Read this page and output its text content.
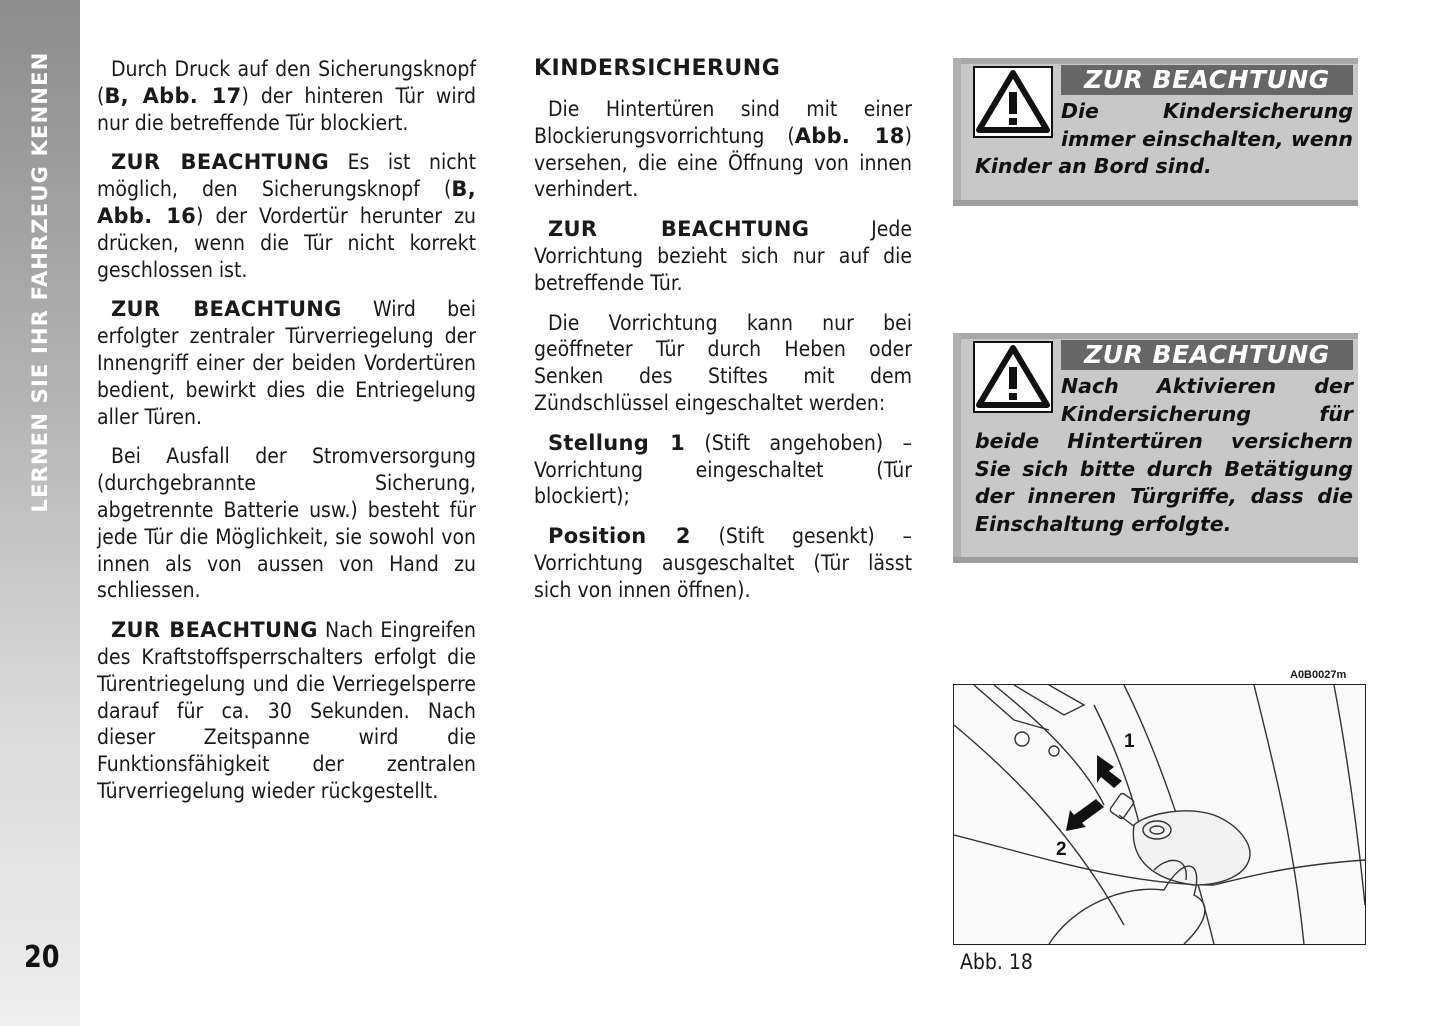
LERNEN SIE IHR FAHRZEUG KENNEN
20

Durch Druck auf den Sicherungsknopf (B, Abb. 17) der hinteren Tür wird nur die betreffende Tür blockiert.

ZUR BEACHTUNG Es ist nicht möglich, den Sicherungsknopf (B, Abb. 16) der Vordertür herunter zu drücken, wenn die Tür nicht korrekt geschlossen ist.

ZUR BEACHTUNG Wird bei erfolgter zentraler Türverriegelung der Innengriff einer der beiden Vordertüren bedient, bewirkt dies die Entriegelung aller Türen.

Bei Ausfall der Stromversorgung (durchgebrannte Sicherung, abgetrennte Batterie usw.) besteht für jede Tür die Möglichkeit, sie sowohl von innen als von aussen von Hand zu schliessen.

ZUR BEACHTUNG Nach Eingreifen des Kraftstoffsperrschalters erfolgt die Türentriegelung und die Verriegelsperre darauf für ca. 30 Sekunden. Nach dieser Zeitspanne wird die Funktionsfähigkeit der zentralen Türverriegelung wieder rückgestellt.

KINDERSICHERUNG

Die Hintertüren sind mit einer Blockierungsvorrichtung (Abb. 18) versehen, die eine Öffnung von innen verhindert.

ZUR BEACHTUNG Jede Vorrichtung bezieht sich nur auf die betreffende Tür.

Die Vorrichtung kann nur bei geöffneter Tür durch Heben oder Senken des Stiftes mit dem Zündschlüssel eingeschaltet werden:

Stellung 1 (Stift angehoben) – Vorrichtung eingeschaltet (Tür blockiert);

Position 2 (Stift gesenkt) – Vorrichtung ausgeschaltet (Tür lässt sich von innen öffnen).

ZUR BEACHTUNG
Die Kindersicherung immer einschalten, wenn Kinder an Bord sind.
ZUR BEACHTUNG
Nach Aktivieren der Kindersicherung für beide Hintertüren versichern Sie sich bitte durch Betätigung der inneren Türgriffe, dass die Einschaltung erfolgte.
A0B0027m
1
2
Abb. 18
